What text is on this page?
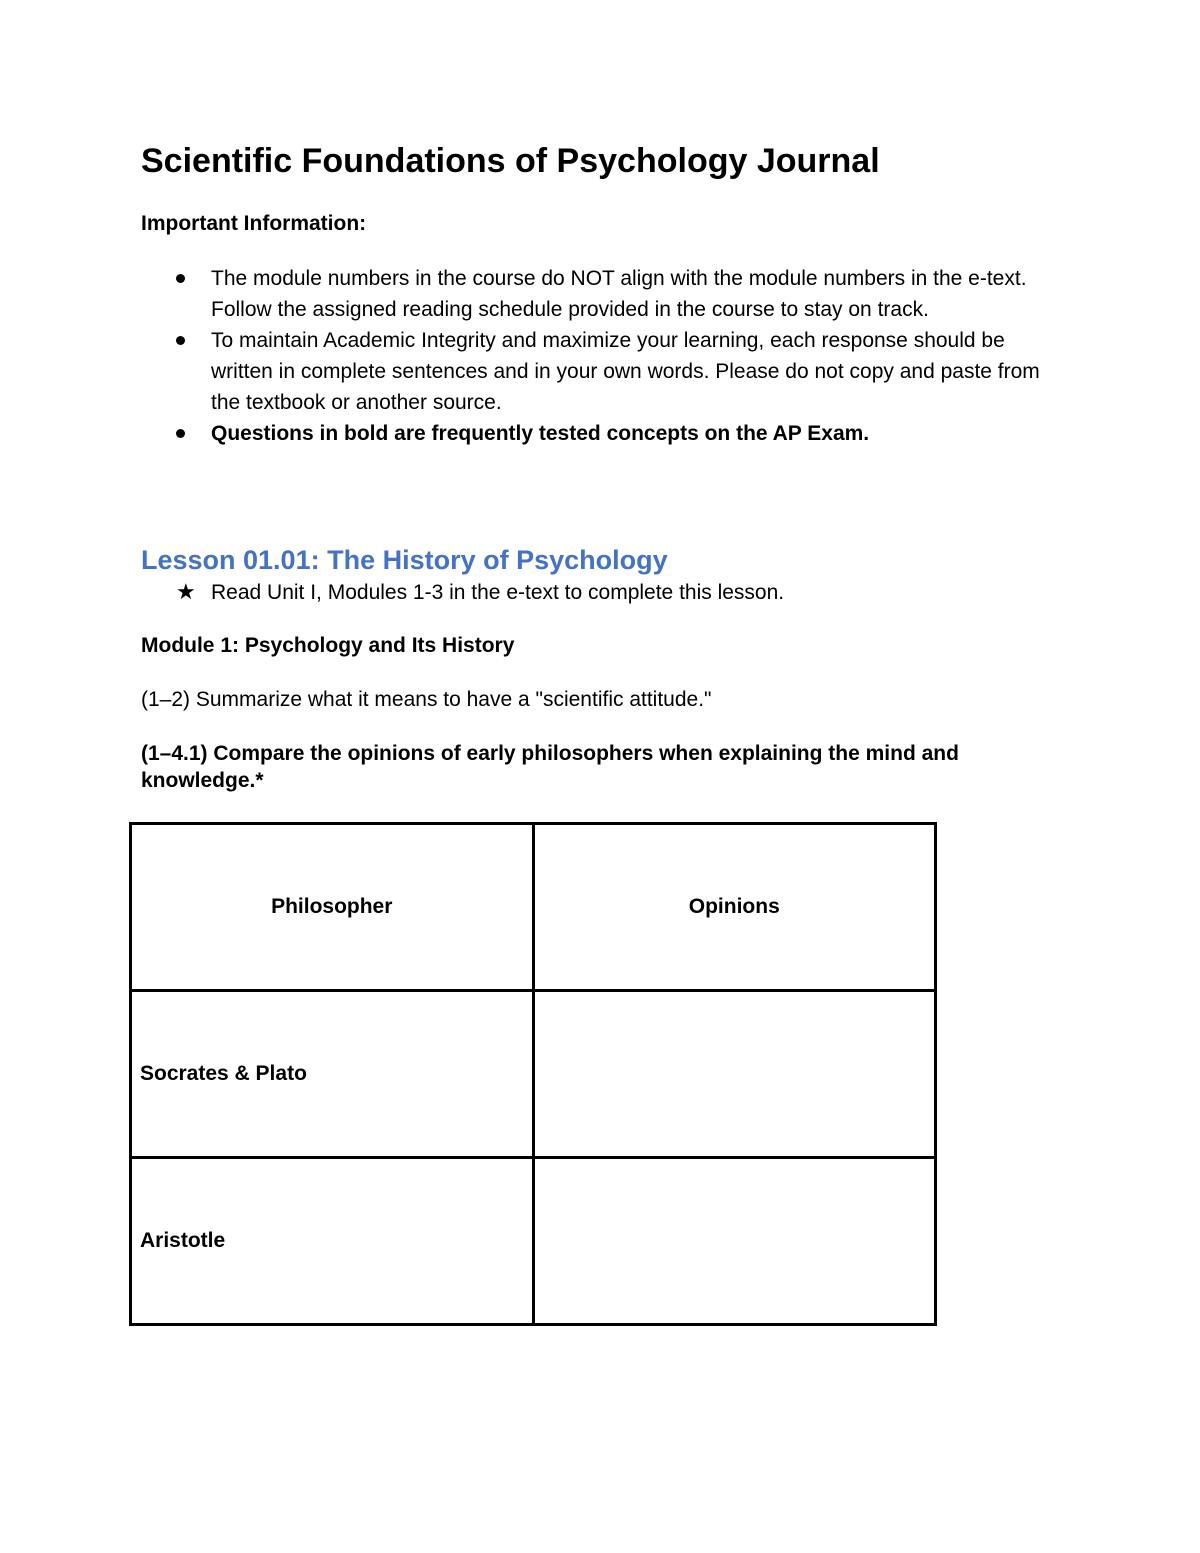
Scientific Foundations of Psychology Journal
Important Information:
The module numbers in the course do NOT align with the module numbers in the e-text. Follow the assigned reading schedule provided in the course to stay on track.
To maintain Academic Integrity and maximize your learning, each response should be written in complete sentences and in your own words. Please do not copy and paste from the textbook or another source.
Questions in bold are frequently tested concepts on the AP Exam.
Lesson 01.01: The History of Psychology
★ Read Unit I, Modules 1-3 in the e-text to complete this lesson.
Module 1: Psychology and Its History
(1–2) Summarize what it means to have a "scientific attitude."
(1–4.1) Compare the opinions of early philosophers when explaining the mind and knowledge.*
Philosopher	Opinions
Socrates & Plato	
Aristotle	
